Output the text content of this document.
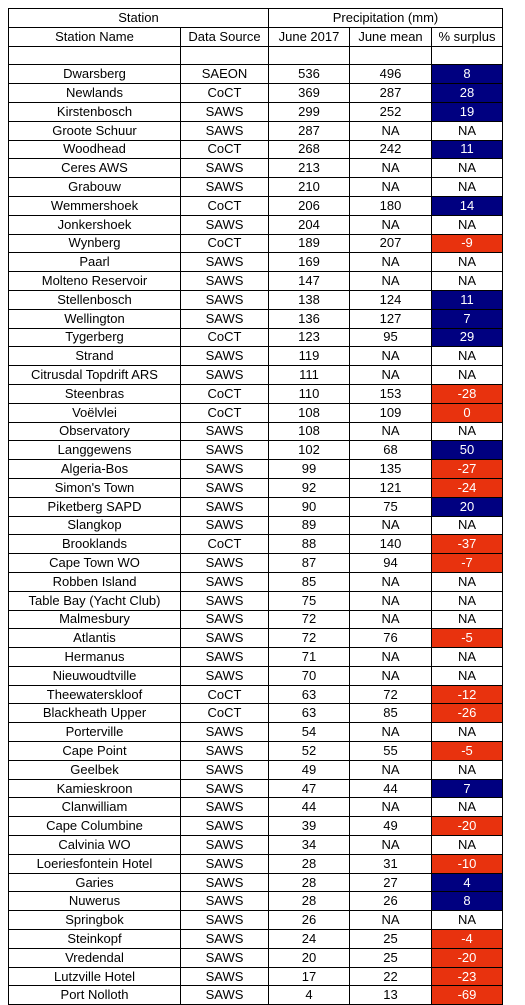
Station		Precipitation (mm)		
Station Name	Data Source	June 2017	June mean	% surplus

Dwarsberg	SAEON	536	496	8
Newlands	CoCT	369	287	28
Kirstenbosch	SAWS	299	252	19
Groote Schuur	SAWS	287	NA	NA
Woodhead	CoCT	268	242	11
Ceres AWS	SAWS	213	NA	NA
Grabouw	SAWS	210	NA	NA
Wemmershoek	CoCT	206	180	14
Jonkershoek	SAWS	204	NA	NA
Wynberg	CoCT	189	207	-9
Paarl	SAWS	169	NA	NA
Molteno Reservoir	SAWS	147	NA	NA
Stellenbosch	SAWS	138	124	11
Wellington	SAWS	136	127	7
Tygerberg	CoCT	123	95	29
Strand	SAWS	119	NA	NA
Citrusdal Topdrift ARS	SAWS	111	NA	NA
Steenbras	CoCT	110	153	-28
Voëlvlei	CoCT	108	109	0
Observatory	SAWS	108	NA	NA
Langgewens	SAWS	102	68	50
Algeria-Bos	SAWS	99	135	-27
Simon's Town	SAWS	92	121	-24
Piketberg SAPD	SAWS	90	75	20
Slangkop	SAWS	89	NA	NA
Brooklands	CoCT	88	140	-37
Cape Town WO	SAWS	87	94	-7
Robben Island	SAWS	85	NA	NA
Table Bay (Yacht Club)	SAWS	75	NA	NA
Malmesbury	SAWS	72	NA	NA
Atlantis	SAWS	72	76	-5
Hermanus	SAWS	71	NA	NA
Nieuwoudtville	SAWS	70	NA	NA
Theewaterskloof	CoCT	63	72	-12
Blackheath Upper	CoCT	63	85	-26
Porterville	SAWS	54	NA	NA
Cape Point	SAWS	52	55	-5
Geelbek	SAWS	49	NA	NA
Kamieskroon	SAWS	47	44	7
Clanwilliam	SAWS	44	NA	NA
Cape Columbine	SAWS	39	49	-20
Calvinia WO	SAWS	34	NA	NA
Loeriesfontein Hotel	SAWS	28	31	-10
Garies	SAWS	28	27	4
Nuwerus	SAWS	28	26	8
Springbok	SAWS	26	NA	NA
Steinkopf	SAWS	24	25	-4
Vredendal	SAWS	20	25	-20
Lutzville Hotel	SAWS	17	22	-23
Port Nolloth	SAWS	4	13	-69
